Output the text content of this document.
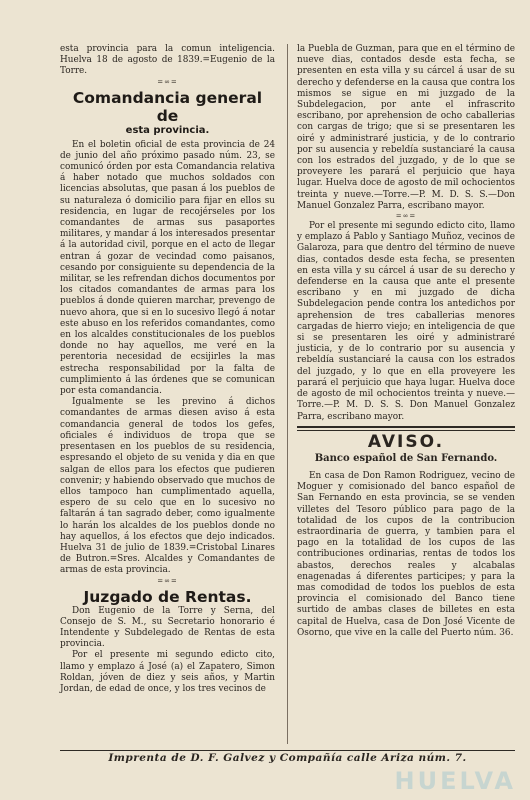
esta provincia para la comun inteligencia. Huelva 18 de agosto de 1839.=Eugenio de la Torre.

=∞=
Comandancia general de
esta provincia.

En el boletin oficial de esta provincia de 24 de junio del año próximo pasado núm. 23, se comunicó órden por esta Comandancia relativa á haber notado que muchos soldados con licencias absolutas, que pasan á los pueblos de su naturaleza ó domicilio para fijar en ellos su residencia, en lugar de recojérseles por los comandantes de armas sus pasaportes militares, y mandar á los interesados presentar á la autoridad civil, porque en el acto de llegar entran á gozar de vecindad como paisanos, cesando por consiguiente su dependencia de la militar, se les refrendan dichos documentos por los citados comandantes de armas para los pueblos á donde quieren marchar, prevengo de nuevo ahora, que si en lo sucesivo llegó á notar este abuso en los referidos comandantes, como en los alcaldes constitucionales de los pueblos donde no hay aquellos, me veré en la perentoria necesidad de ecsijirles la mas estrecha responsabilidad por la falta de cumplimiento á las órdenes que se comunican por esta comandancia.

Igualmente se les previno á dichos comandantes de armas diesen aviso á esta comandancia general de todos los gefes, oficiales é individuos de tropa que se presentasen en los pueblos de su residencia, espresando el objeto de su venida y dia en que salgan de ellos para los efectos que pudieren convenir; y habiendo observado que muchos de ellos tampoco han cumplimentado aquella, espero de su celo que en lo sucesivo no faltarán á tan sagrado deber, como igualmente lo harán los alcaldes de los pueblos donde no hay aquellos, á los efectos que dejo indicados. Huelva 31 de julio de 1839.=Cristobal Linares de Butron.=Sres. Alcaldes y Comandantes de armas de esta provincia.

=∞=
Juzgado de Rentas.

Don Eugenio de la Torre y Serna, del Consejo de S. M., su Secretario honorario é Intendente y Subdelegado de Rentas de esta provincia.

Por el presente mi segundo edicto cito, llamo y emplazo á José (a) el Zapatero, Simon Roldan, jóven de diez y seis años, y Martin Jordan, de edad de once, y los tres vecinos de

la Puebla de Guzman, para que en el término de nueve dias, contados desde esta fecha, se presenten en esta villa y su cárcel á usar de su derecho y defenderse en la causa que contra los mismos se sigue en mi juzgado de la Subdelegacion, por ante el infrascrito escribano, por aprehension de ocho caballerias con cargas de trigo; que si se presentaren les oiré y administraré justicia, y de lo contrario por su ausencia y rebeldía sustanciaré la causa con los estrados del juzgado, y de lo que se proveyere les parará el perjuicio que haya lugar. Huelva doce de agosto de mil ochocientos treinta y nueve.—Torre.—P. M. D. S. S.—Don Manuel Gonzalez Parra, escribano mayor.

=∞=

Por el presente mi segundo edicto cito, llamo y emplazo á Pablo y Santiago Muñoz, vecinos de Galaroza, para que dentro del término de nueve dias, contados desde esta fecha, se presenten en esta villa y su cárcel á usar de su derecho y defenderse en la causa que ante el presente escribano y en mi juzgado de dicha Subdelegacion pende contra los antedichos por aprehension de tres caballerias menores cargadas de hierro viejo; en inteligencia de que si se presentaren les oiré y administraré justicia, y de lo contrario por su ausencia y rebeldía sustanciaré la causa con los estrados del juzgado, y lo que en ella proveyere les parará el perjuicio que haya lugar. Huelva doce de agosto de mil ochocientos treinta y nueve.—Torre.—P. M. D. S. S. Don Manuel Gonzalez Parra, escribano mayor.

AVISO.
Banco español de San Fernando.

En casa de Don Ramon Rodriguez, vecino de Moguer y comisionado del banco español de San Fernando en esta provincia, se se venden villetes del Tesoro público para pago de la totalidad de los cupos de la contribucion estraordinaria de guerra, y tambien para el pago en la totalidad de los cupos de las contribuciones ordinarias, rentas de todos los abastos, derechos reales y alcabalas enagenadas á diferentes participes; y para la mas comodidad de todos los pueblos de esta provincia el comisionado del Banco tiene surtido de ambas clases de billetes en esta capital de Huelva, casa de Don José Vicente de Osorno, que vive en la calle del Puerto núm. 36.

Imprenta de D. F. Galvez y Compañía calle Ariza núm. 7.
HUELVA
